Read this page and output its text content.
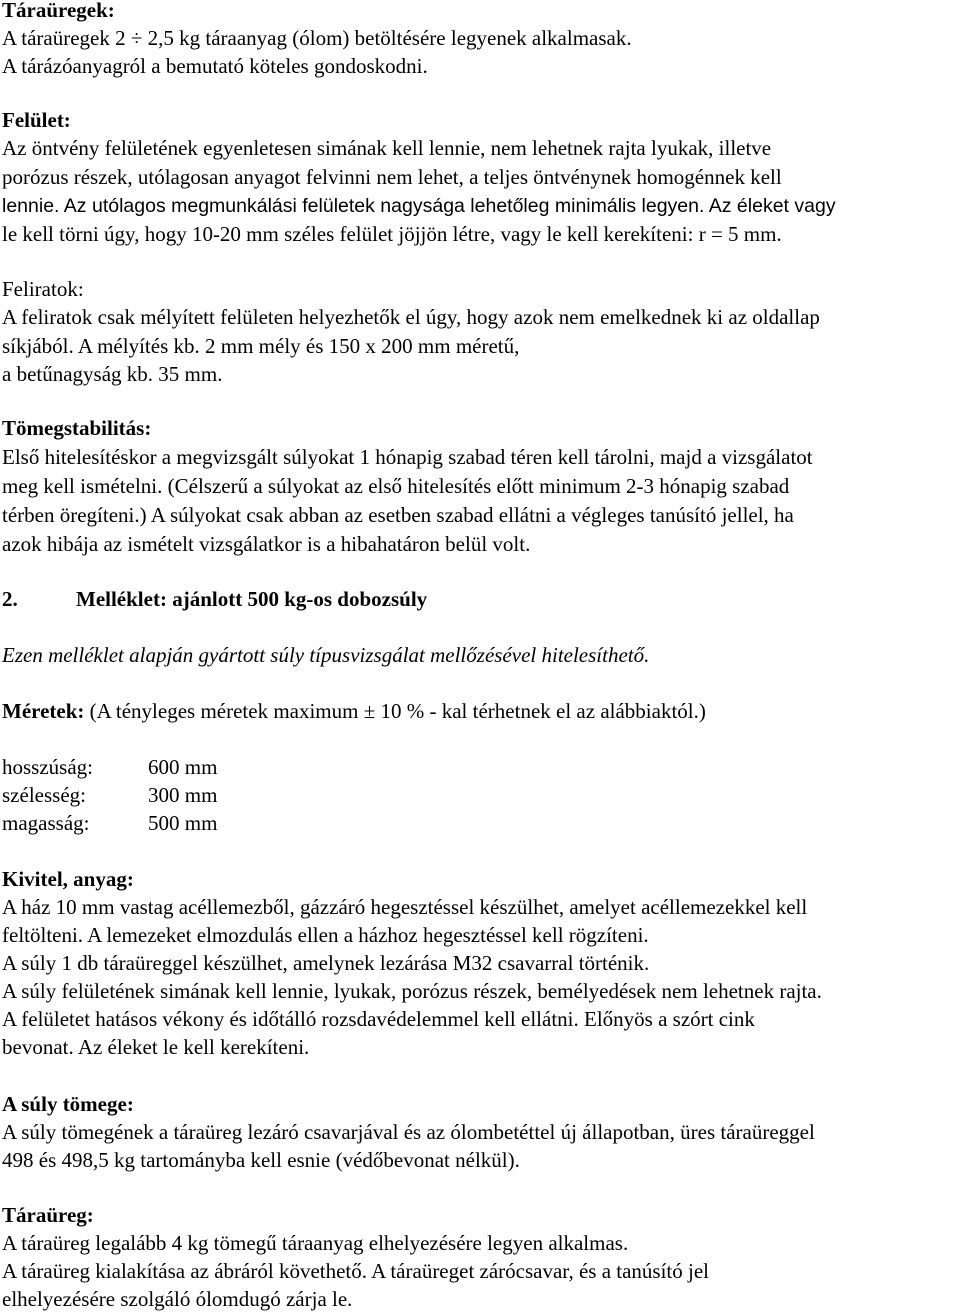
Táraüregek:
A táraüregek 2 ÷ 2,5 kg táraanyag (ólom) betöltésére legyenek alkalmasak.
A tárázóanyagról a bemutató köteles gondoskodni.
Felület:
Az öntvény felületének egyenletesen simának kell lennie, nem lehetnek rajta lyukak, illetve
porózus részek, utólagosan anyagot felvinni nem lehet, a teljes öntvénynek homogénnek kell
lennie. Az utólagos megmunkálási felületek nagysága lehetőleg minimális legyen. Az éleket vagy
le kell törni úgy, hogy 10-20 mm széles felület jöjjön létre, vagy le kell kerekíteni: r = 5 mm.
Feliratok:
A feliratok csak mélyített felületen helyezhetők el úgy, hogy azok nem emelkednek ki az oldallap
síkjából. A mélyítés kb. 2 mm mély és 150 x 200 mm méretű,
a betűnagyság kb. 35 mm.
Tömegstabilitás:
Első hitelesítéskor a megvizsgált súlyokat 1 hónapig szabad téren kell tárolni, majd a vizsgálatot
meg kell ismételni. (Célszerű a súlyokat az első hitelesítés előtt minimum 2-3 hónapig szabad
térben öregíteni.) A súlyokat csak abban az esetben szabad ellátni a végleges tanúsító jellel, ha
azok hibája az ismételt vizsgálatkor is a hibahatáron belül volt.
2.	Melléklet: ajánlott 500 kg-os dobozsúly
Ezen melléklet alapján gyártott súly típusvizsgálat mellőzésével hitelesíthető.
Méretek: (A tényleges méretek maximum ± 10 % - kal térhetnek el az alábbiaktól.)
hosszúság:	600 mm
szélesség:	300 mm
magasság:	500 mm
Kivitel, anyag:
A ház 10 mm vastag acéllemezből, gázzáró hegesztéssel készülhet, amelyet acéllemezekkel kell
feltölteni. A lemezeket elmozdulás ellen a házhoz hegesztéssel kell rögzíteni.
A súly 1 db táraüreggel készülhet, amelynek lezárása M32 csavarral történik.
A súly felületének simának kell lennie, lyukak, porózus részek, bemélyedések nem lehetnek rajta.
A felületet hatásos vékony és időtálló rozsdavédelemmel kell ellátni. Előnyös a szórt cink
bevonat. Az éleket le kell kerekíteni.
A súly tömege:
A súly tömegének a táraüreg lezáró csavarjával és az ólombetéttel új állapotban, üres táraüreggel
498 és 498,5 kg tartományba kell esnie (védőbevonat nélkül).
Táraüreg:
A táraüreg legalább 4 kg tömegű táraanyag elhelyezésére legyen alkalmas.
A táraüreg kialakítása az ábráról követhető. A táraüreget zárócsavar, és a tanúsító jel
elhelyezésére szolgáló ólomdugó zárja le.
